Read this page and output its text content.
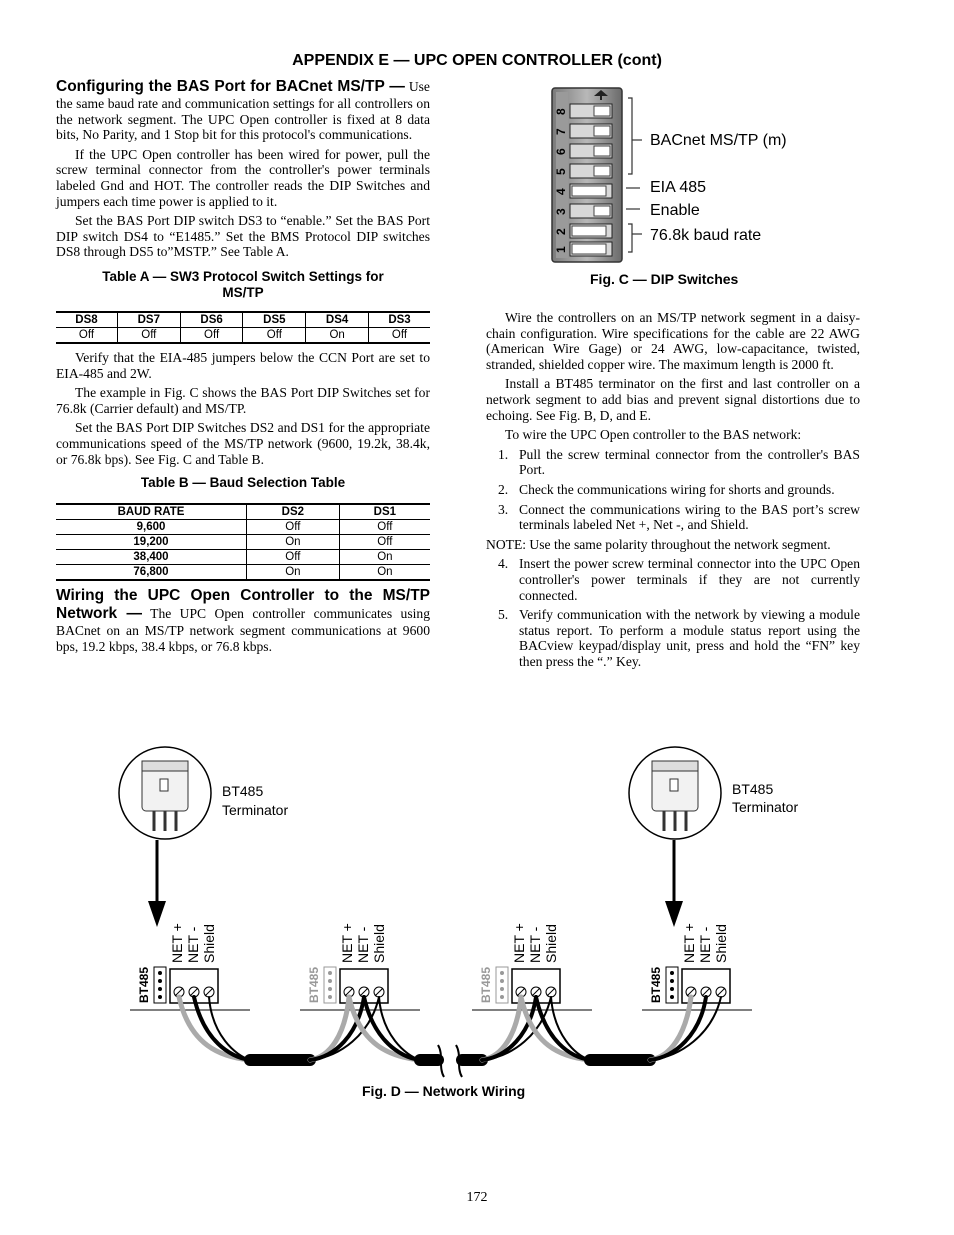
APPENDIX E — UPC OPEN CONTROLLER (cont)

Configuring the BAS Port for BACnet MS/TP — Use the same baud rate and communication settings for all controllers on the network segment. The UPC Open controller is fixed at 8 data bits, No Parity, and 1 Stop bit for this protocol's communications.

If the UPC Open controller has been wired for power, pull the screw terminal connector from the controller's power terminals labeled Gnd and HOT. The controller reads the DIP Switches and jumpers each time power is applied to it.

Set the BAS Port DIP switch DS3 to “enable.” Set the BAS Port DIP switch DS4 to “E1485.” Set the BMS Protocol DIP switches DS8 through DS5 to”MSTP.” See Table A.

Table A — SW3 Protocol Switch Settings for MS/TP
DS8	DS7	DS6	DS5	DS4	DS3
Off	Off	Off	Off	On	Off

Verify that the EIA-485 jumpers below the CCN Port are set to EIA-485 and 2W.

The example in Fig. C shows the BAS Port DIP Switches set for 76.8k (Carrier default) and MS/TP.

Set the BAS Port DIP Switches DS2 and DS1 for the appropriate communications speed of the MS/TP network (9600, 19.2k, 38.4k, or 76.8k bps). See Fig. C and Table B.

Table B — Baud Selection Table
BAUD RATE	DS2	DS1
9,600	Off	Off
19,200	On	Off
38,400	Off	On
76,800	On	On

Wiring the UPC Open Controller to the MS/TP Network — The UPC Open controller communicates using BACnet on an MS/TP network segment communications at 9600 bps, 19.2 kbps, 38.4 kbps, or 76.8 kbps.

8
7
6
5
4
3
2
1
BACnet MS/TP (m)
EIA 485
Enable
76.8k baud rate
Fig. C — DIP Switches

Wire the controllers on an MS/TP network segment in a daisy-chain configuration. Wire specifications for the cable are 22 AWG (American Wire Gage) or 24 AWG, low-capacitance, twisted, stranded, shielded copper wire. The maximum length is 2000 ft.

Install a BT485 terminator on the first and last controller on a network segment to add bias and prevent signal distortions due to echoing. See Fig. B, D, and E.

To wire the UPC Open controller to the BAS network:

1. Pull the screw terminal connector from the controller's BAS Port.
2. Check the communications wiring for shorts and grounds.
3. Connect the communications wiring to the BAS port’s screw terminals labeled Net +, Net -, and Shield.

NOTE: Use the same polarity throughout the network segment.

4. Insert the power screw terminal connector into the UPC Open controller's power terminals if they are not currently connected.
5. Verify communication with the network by viewing a module status report. To perform a module status report using the BACview keypad/display unit, press and hold the “FN” key then press the “.” Key.
BT485
Terminator
BT485
Terminator
BT485
NET + NET - Shield
BT485
NET + NET - Shield
BT485
NET + NET - Shield
BT485
NET + NET - Shield
Fig. D — Network Wiring
172
